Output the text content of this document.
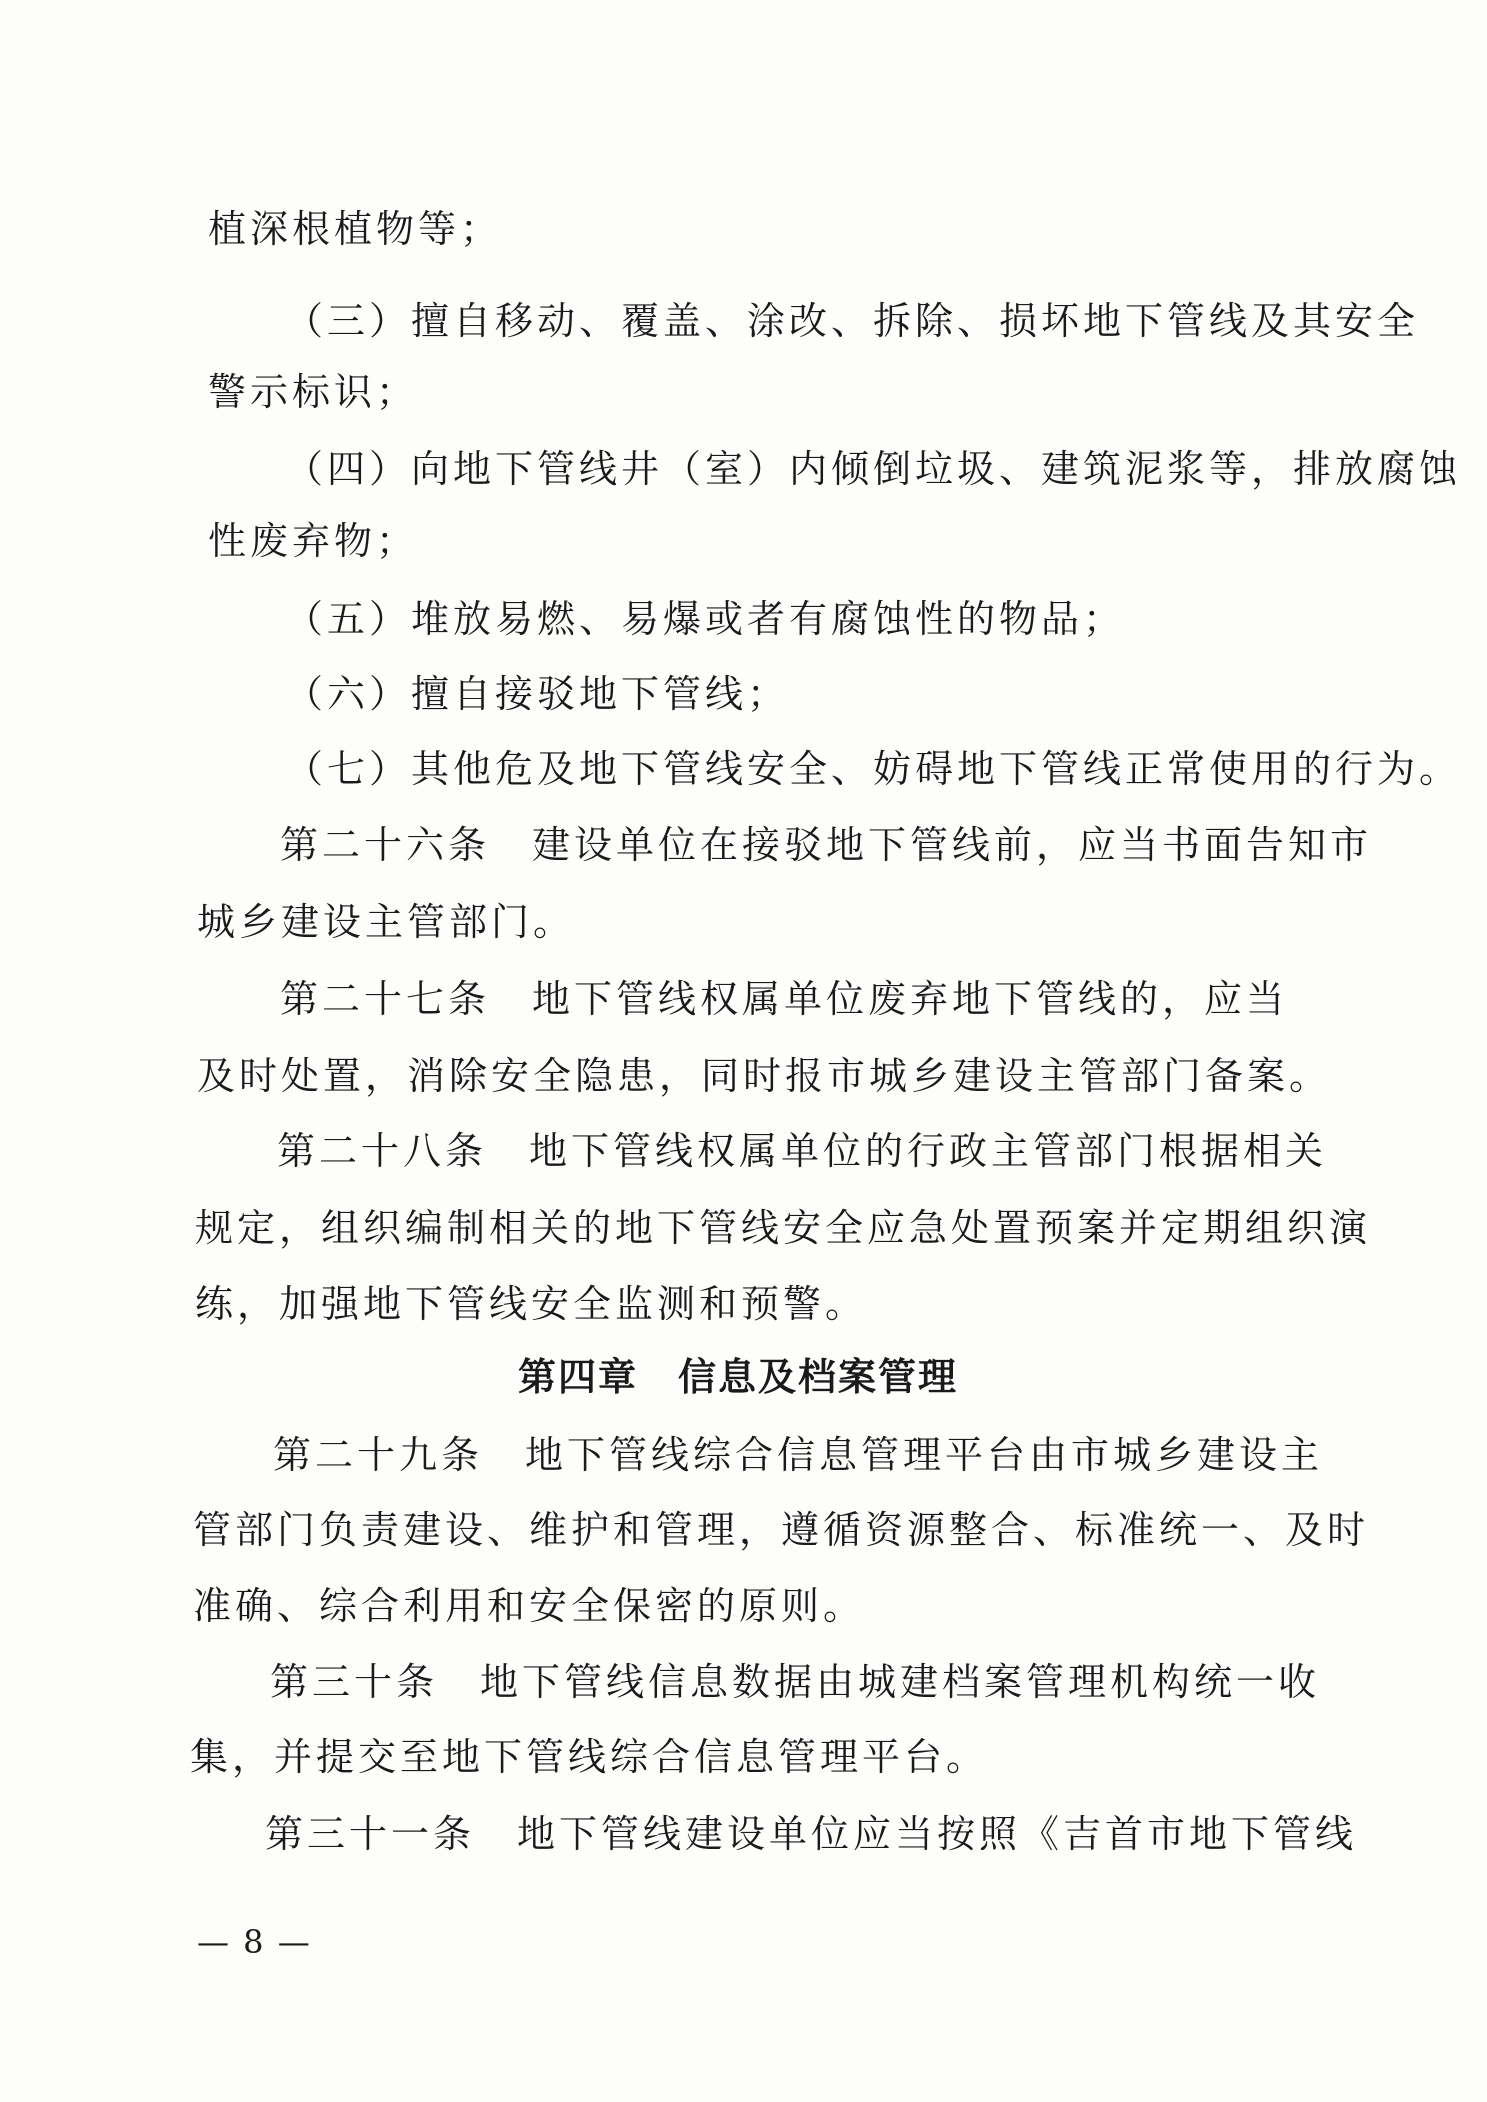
植深根植物等；
（三）擅自移动、覆盖、涂改、拆除、损坏地下管线及其安全
警示标识；
（四）向地下管线井（室）内倾倒垃圾、建筑泥浆等，排放腐蚀
性废弃物；
（五）堆放易燃、易爆或者有腐蚀性的物品；
（六）擅自接驳地下管线；
（七）其他危及地下管线安全、妨碍地下管线正常使用的行为。
第二十六条　建设单位在接驳地下管线前，应当书面告知市
城乡建设主管部门。
第二十七条　地下管线权属单位废弃地下管线的，应当
及时处置，消除安全隐患，同时报市城乡建设主管部门备案。
第二十八条　地下管线权属单位的行政主管部门根据相关
规定，组织编制相关的地下管线安全应急处置预案并定期组织演
练，加强地下管线安全监测和预警。
第四章　信息及档案管理
第二十九条　地下管线综合信息管理平台由市城乡建设主
管部门负责建设、维护和管理，遵循资源整合、标准统一、及时
准确、综合利用和安全保密的原则。
第三十条　地下管线信息数据由城建档案管理机构统一收
集，并提交至地下管线综合信息管理平台。
第三十一条　地下管线建设单位应当按照《吉首市地下管线
— 8 —
